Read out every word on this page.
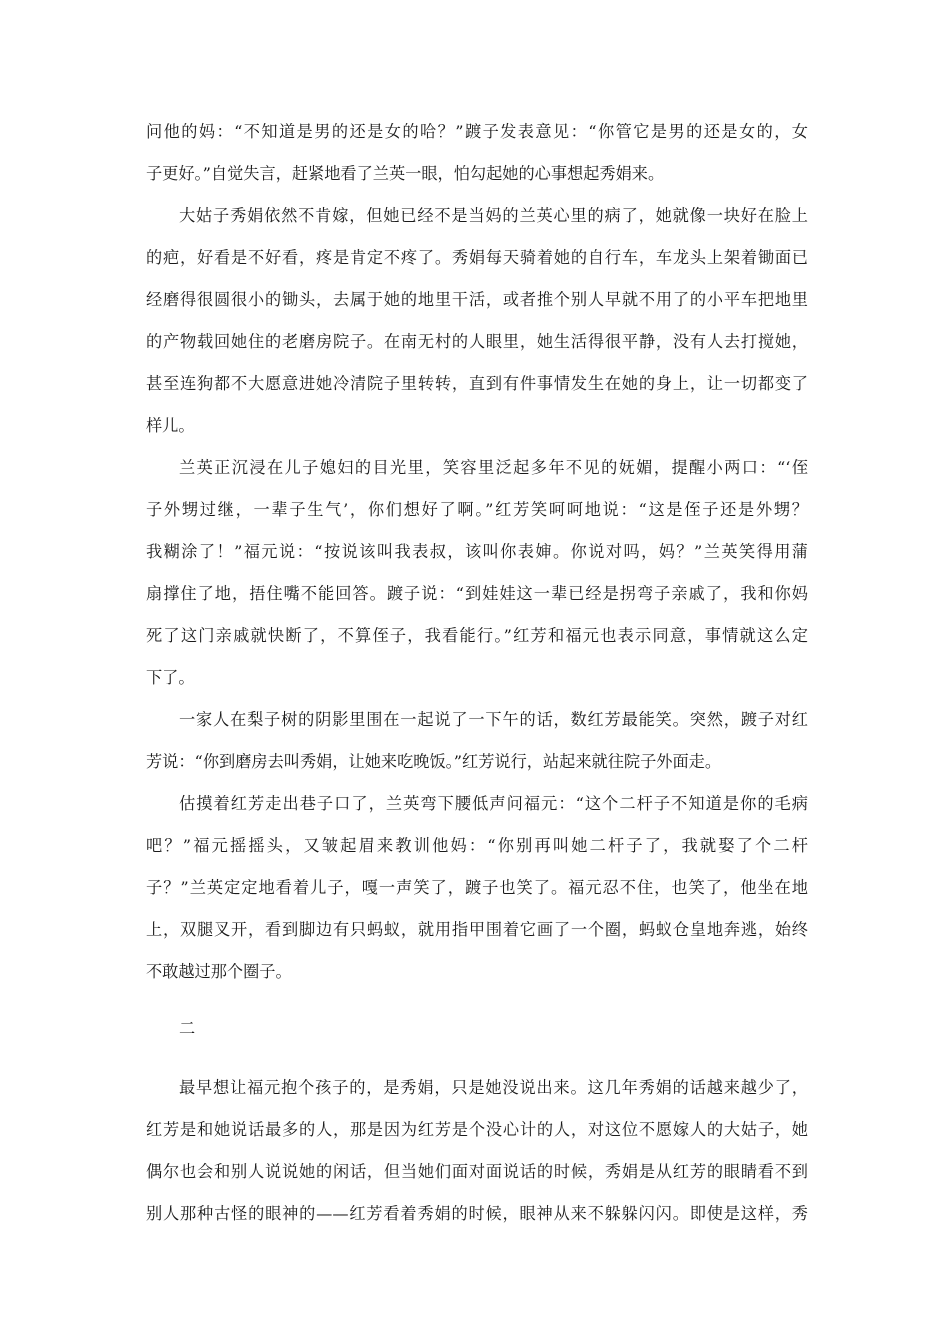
问他的妈：“不知道是男的还是女的哈？”踱子发表意见：“你管它是男的还是女的，女
子更好。”自觉失言，赶紧地看了兰英一眼，怕勾起她的心事想起秀娟来。
大姑子秀娟依然不肯嫁，但她已经不是当妈的兰英心里的病了，她就像一块好在脸上
的疤，好看是不好看，疼是肯定不疼了。秀娟每天骑着她的自行车，车龙头上架着锄面已
经磨得很圆很小的锄头，去属于她的地里干活，或者推个别人早就不用了的小平车把地里
的产物载回她住的老磨房院子。在南无村的人眼里，她生活得很平静，没有人去打搅她，
甚至连狗都不大愿意进她冷清院子里转转，直到有件事情发生在她的身上，让一切都变了
样儿。
兰英正沉浸在儿子媳妇的目光里，笑容里泛起多年不见的妩媚，提醒小两口：“‘侄
子外甥过继，一辈子生气’，你们想好了啊。”红芳笑呵呵地说：“这是侄子还是外甥？
我糊涂了！”福元说：“按说该叫我表叔，该叫你表婶。你说对吗，妈？”兰英笑得用蒲
扇撑住了地，捂住嘴不能回答。踱子说：“到娃娃这一辈已经是拐弯子亲戚了，我和你妈
死了这门亲戚就快断了，不算侄子，我看能行。”红芳和福元也表示同意，事情就这么定
下了。
一家人在梨子树的阴影里围在一起说了一下午的话，数红芳最能笑。突然，踱子对红
芳说：“你到磨房去叫秀娟，让她来吃晚饭。”红芳说行，站起来就往院子外面走。
估摸着红芳走出巷子口了，兰英弯下腰低声问福元：“这个二杆子不知道是你的毛病
吧？”福元摇摇头，又皱起眉来教训他妈：“你别再叫她二杆子了，我就娶了个二杆
子？”兰英定定地看着儿子，嘎一声笑了，踱子也笑了。福元忍不住，也笑了，他坐在地
上，双腿叉开，看到脚边有只蚂蚁，就用指甲围着它画了一个圈，蚂蚁仓皇地奔逃，始终
不敢越过那个圈子。
二
最早想让福元抱个孩子的，是秀娟，只是她没说出来。这几年秀娟的话越来越少了，
红芳是和她说话最多的人，那是因为红芳是个没心计的人，对这位不愿嫁人的大姑子，她
偶尔也会和别人说说她的闲话，但当她们面对面说话的时候，秀娟是从红芳的眼睛看不到
别人那种古怪的眼神的——红芳看着秀娟的时候，眼神从来不躲躲闪闪。即使是这样，秀
